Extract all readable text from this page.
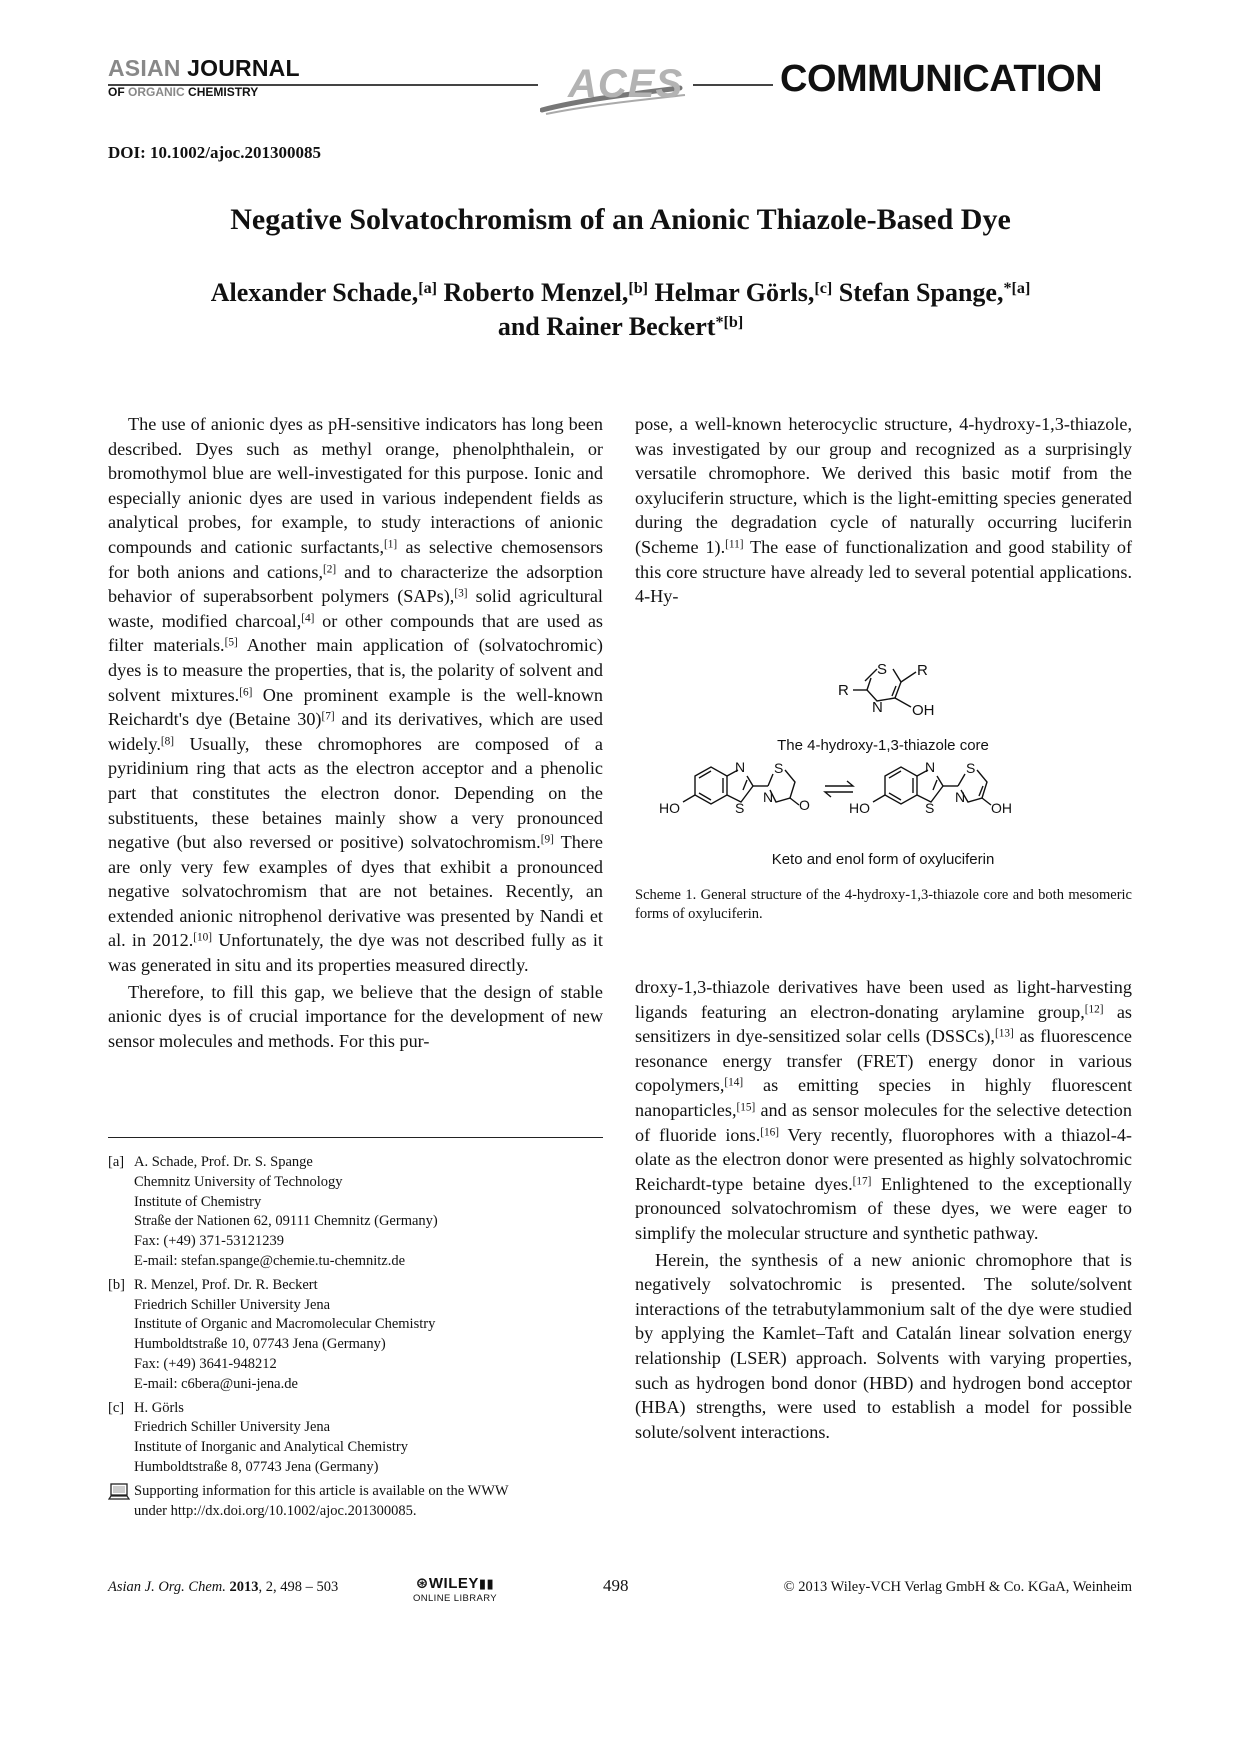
ASIAN JOURNAL
OF ORGANIC CHEMISTRY	ACES	COMMUNICATION
DOI: 10.1002/ajoc.201300085
Negative Solvatochromism of an Anionic Thiazole-Based Dye
Alexander Schade,[a] Roberto Menzel,[b] Helmar Görls,[c] Stefan Spange,$^{*[a]}$
and Rainer Beckert$^{*[b]}$

The use of anionic dyes as pH-sensitive indicators has long been described. Dyes such as methyl orange, phenolphthalein, or bromothymol blue are well-investigated for this purpose. Ionic and especially anionic dyes are used in various independent fields as analytical probes, for example, to study interactions of anionic compounds and cationic surfactants,[1] as selective chemosensors for both anions and cations,[2] and to characterize the adsorption behavior of superabsorbent polymers (SAPs),[3] solid agricultural waste, modified charcoal,[4] or other compounds that are used as filter materials.[5] Another main application of (solvatochromic) dyes is to measure the properties, that is, the polarity of solvent and solvent mixtures.[6] One prominent example is the well-known Reichardt's dye (Betaine 30)[7] and its derivatives, which are used widely.[8] Usually, these chromophores are composed of a pyridinium ring that acts as the electron acceptor and a phenolic part that constitutes the electron donor. Depending on the substituents, these betaines mainly show a very pronounced negative (but also reversed or positive) solvatochromism.[9] There are only very few examples of dyes that exhibit a pronounced negative solvatochromism that are not betaines. Recently, an extended anionic nitrophenol derivative was presented by Nandi et al. in 2012.[10] Unfortunately, the dye was not described fully as it was generated in situ and its properties measured directly.

Therefore, to fill this gap, we believe that the design of stable anionic dyes is of crucial importance for the development of new sensor molecules and methods. For this pur-

[a] A. Schade, Prof. Dr. S. Spange
Chemnitz University of Technology
Institute of Chemistry
Straße der Nationen 62, 09111 Chemnitz (Germany)
Fax: (+49) 371-53121239
E-mail: stefan.spange@chemie.tu-chemnitz.de
[b] R. Menzel, Prof. Dr. R. Beckert
Friedrich Schiller University Jena
Institute of Organic and Macromolecular Chemistry
Humboldtstraße 10, 07743 Jena (Germany)
Fax: (+49) 3641-948212
E-mail: c6bera@uni-jena.de
[c] H. Görls
Friedrich Schiller University Jena
Institute of Inorganic and Analytical Chemistry
Humboldtstraße 8, 07743 Jena (Germany)
Supporting information for this article is available on the WWW
under http://dx.doi.org/10.1002/ajoc.201300085.

pose, a well-known heterocyclic structure, 4-hydroxy-1,3-thiazole, was investigated by our group and recognized as a surprisingly versatile chromophore. We derived this basic motif from the oxyluciferin structure, which is the light-emitting species generated during the degradation cycle of naturally occurring luciferin (Scheme 1).[11] The ease of functionalization and good stability of this core structure have already led to several potential applications. 4-Hy-

S R
R
N OH
The 4-hydroxy-1,3-thiazole core
N
S
S
N O
HO
N
S
S
N
OH
HO
Keto and enol form of oxyluciferin
Scheme 1. General structure of the 4-hydroxy-1,3-thiazole core and both mesomeric forms of oxyluciferin.

droxy-1,3-thiazole derivatives have been used as light-harvesting ligands featuring an electron-donating arylamine group,[12] as sensitizers in dye-sensitized solar cells (DSSCs),[13] as fluorescence resonance energy transfer (FRET) energy donor in various copolymers,[14] as emitting species in highly fluorescent nanoparticles,[15] and as sensor molecules for the selective detection of fluoride ions.[16] Very recently, fluorophores with a thiazol-4-olate as the electron donor were presented as highly solvatochromic Reichardt-type betaine dyes.[17] Enlightened to the exceptionally pronounced solvatochromism of these dyes, we were eager to simplify the molecular structure and synthetic pathway.

Herein, the synthesis of a new anionic chromophore that is negatively solvatochromic is presented. The solute/solvent interactions of the tetrabutylammonium salt of the dye were studied by applying the Kamlet–Taft and Catalán linear solvation energy relationship (LSER) approach. Solvents with varying properties, such as hydrogen bond donor (HBD) and hydrogen bond acceptor (HBA) strengths, were used to establish a model for possible solute/solvent interactions.

Asian J. Org. Chem. 2013, 2, 498 – 503	⊛WILEY▮▮
ONLINE LIBRARY
498	© 2013 Wiley-VCH Verlag GmbH & Co. KGaA, Weinheim
